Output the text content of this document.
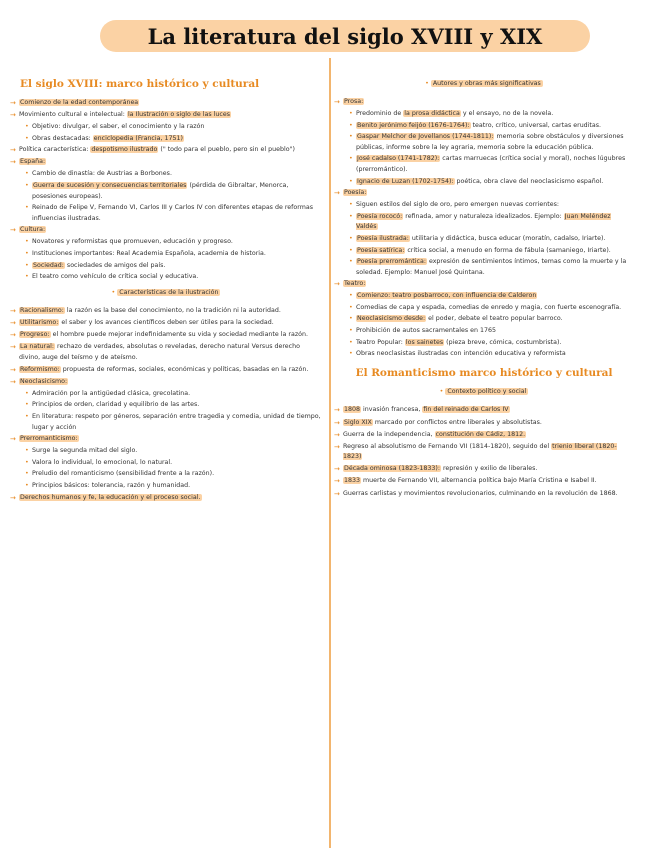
La literatura del siglo XVIII y XIX
El siglo XVIII: marco histórico y cultural
→ Comienzo de la edad contemporánea
→ Movimiento cultural e intelectual: la Ilustración o siglo de las luces
• Objetivo: divulgar, el saber, el conocimiento y la razón
• Obras destacadas: enciclopedia (Francia, 1751)
→ Política característica: despotismo ilustrado (" todo para el pueblo, pero sin el pueblo")
→ España:
• Cambio de dinastía: de Austrias a Borbones.
• Guerra de sucesión y consecuencias territoriales (pérdida de Gibraltar, Menorca, posesiones europeas).
• Reinado de Felipe V, Fernando VI, Carlos III y Carlos IV con diferentes etapas de reformas influencias ilustradas.
→ Cultura:
• Novatores y reformistas que promueven, educación y progreso.
• Instituciones importantes: Real Academia Española, academia de historia.
• Sociedad: sociedades de amigos del país.
• El teatro como vehículo de crítica social y educativa.
• Características de la ilustración
→ Racionalismo: la razón es la base del conocimiento, no la tradición ni la autoridad.
→ Utilitarismo: el saber y los avances científicos deben ser útiles para la sociedad.
→ Progreso: el hombre puede mejorar indefinidamente su vida y sociedad mediante la razón.
→ La natural: rechazo de verdades, absolutas o reveladas, derecho natural Versus derecho divino, auge del teísmo y de ateísmo.
→ Reformismo: propuesta de reformas, sociales, económicas y políticas, basadas en la razón.
→ Neoclasicismo:
• Admiración por la antigüedad clásica, grecolatina.
• Principios de orden, claridad y equilibrio de las artes.
• En literatura: respeto por géneros, separación entre tragedia y comedia, unidad de tiempo, lugar y acción
→ Prerromanticismo:
• Surge la segunda mitad del siglo.
• Valora lo individual, lo emocional, lo natural.
• Preludio del romanticismo (sensibilidad frente a la razón).
• Principios básicos: tolerancia, razón y humanidad.
→ Derechos humanos y fe, la educación y el proceso social.
• Autores y obras más significativas
→ Prosa:
• Predominio de la prosa didáctica y el ensayo, no de la novela.
• Benito jerónimo feijóo (1676-1764): teatro, crítico, universal, cartas eruditas.
• Gaspar Melchor de Jovellanos (1744-1811): memoria sobre obstáculos y diversiones públicas, informe sobre la ley agraria, memoria sobre la educación pública.
• José cadalso (1741-1782): cartas marruecas (crítica social y moral), noches lúgubres (prerromántico).
• Ignacio de Luzan (1702-1754): poética, obra clave del neoclasicismo español.
→ Poesía:
• Siguen estilos del siglo de oro, pero emergen nuevas corrientes:
• Poesía rococó: refinada, amor y naturaleza idealizados. Ejemplo: Juan Meléndez Valdés
• Poesía ilustrada: utilitaria y didáctica, busca educar (moratín, cadalso, Iriarte).
• Poesía satírica: crítica social, a menudo en forma de fábula (samaniego, Iriarte).
• Poesía prerromántica: expresión de sentimientos íntimos, temas como la muerte y la soledad. Ejemplo: Manuel José Quintana.
→ Teatro:
• Comienzo: teatro posbarroco, con influencia de Calderon
• Comedias de capa y espada, comedias de enredo y magia, con fuerte escenografía.
• Neoclasicismo desde: el poder, debate el teatro popular barroco.
• Prohibición de autos sacramentales en 1765
• Teatro Popular: los sainetes (pieza breve, cómica, costumbrista).
• Obras neoclasistas ilustradas con intención educativa y reformista
El Romanticismo marco histórico y cultural
• Contexto político y social
→ 1808 invasión francesa, fin del reinado de Carlos IV
→ Siglo XIX marcado por conflictos entre liberales y absolutistas.
→ Guerra de la independencia, constitución de Cádiz, 1812.
→ Regreso al absolutismo de Fernando VII (1814-1820), seguido del trienio liberal (1820-1823)
→ Década ominosa (1823-1833): represión y exilio de liberales.
→ 1833 muerte de Fernando VII, alternancia política bajo María Cristina e Isabel II.
→ Guerras carlistas y movimientos revolucionarios, culminando en la revolución de 1868.
